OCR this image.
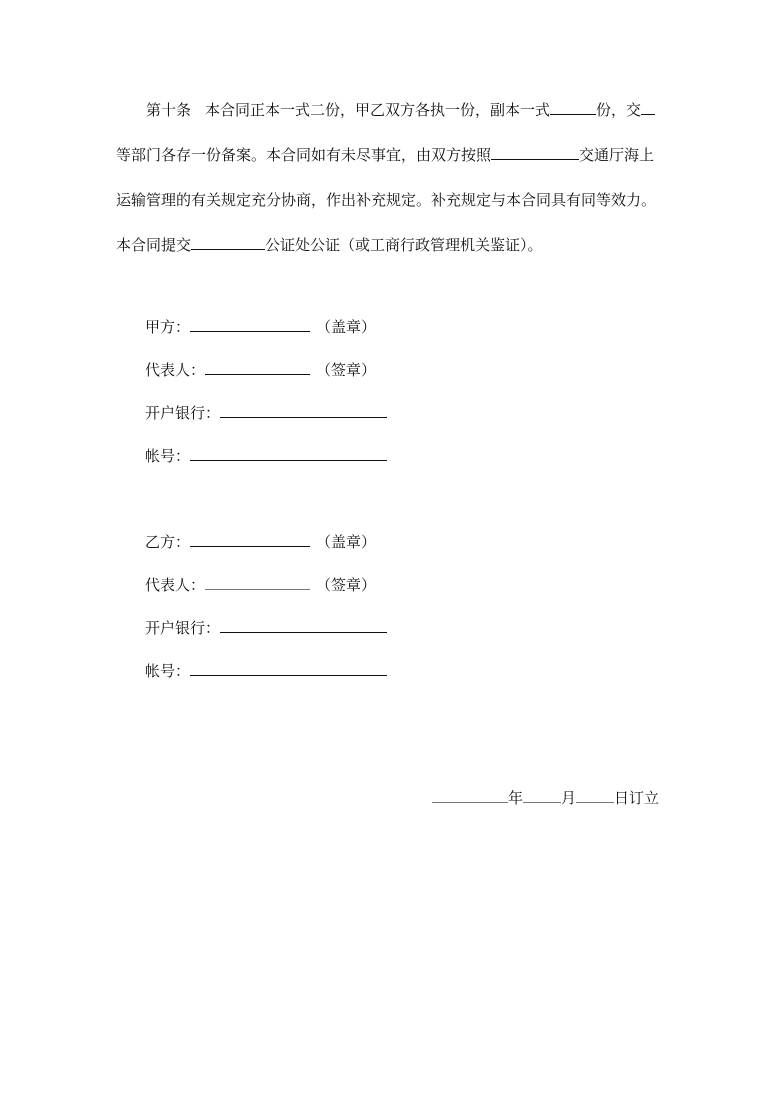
第十条 本合同正本一式二份，甲乙双方各执一份，副本一式	份，交
等部门各存一份备案。本合同如有未尽事宜，由双方按照	交通厅海上
运输管理的有关规定充分协商，作出补充规定。补充规定与本合同具有同等效力。
本合同提交	公证处公证（或工商行政管理机关鉴证）。
甲方：	（盖章）
代表人：	（签章）
开户银行：
帐号：
乙方：	（盖章）
代表人：	（签章）
开户银行：
帐号：
年	月	日订立
